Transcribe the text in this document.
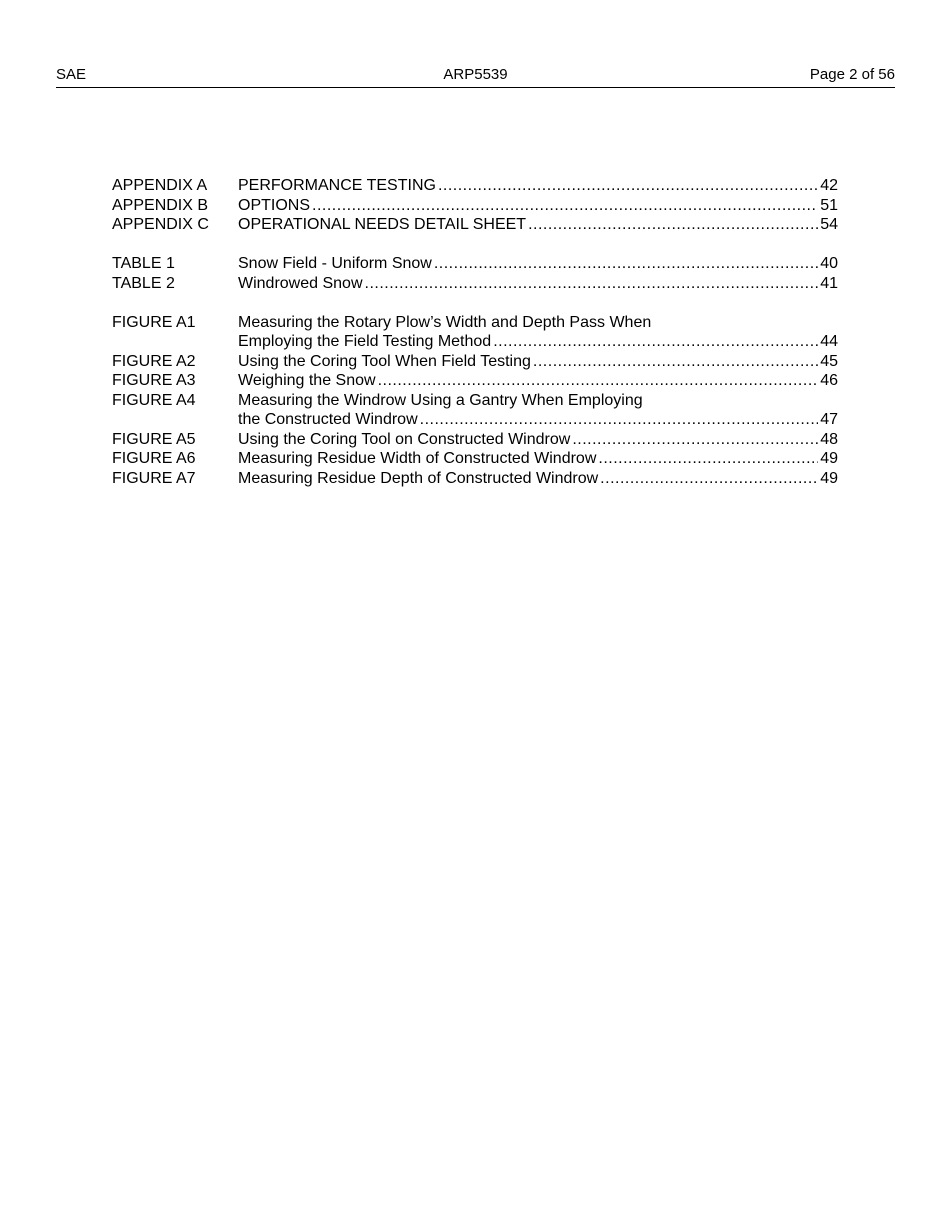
SAE	ARP5539	Page 2 of 56
APPENDIX A	PERFORMANCE TESTING .....	42
APPENDIX B	OPTIONS .....	51
APPENDIX C	OPERATIONAL NEEDS DETAIL SHEET .....	54
TABLE 1	Snow Field - Uniform Snow .....	40
TABLE 2	Windrowed Snow .....	41
FIGURE A1	Measuring the Rotary Plow’s Width and Depth Pass When
Employing the Field Testing Method .....	44
FIGURE A2	Using the Coring Tool When Field Testing .....	45
FIGURE A3	Weighing the Snow .....	46
FIGURE A4	Measuring the Windrow Using a Gantry When Employing
the Constructed Windrow .....	47
FIGURE A5	Using the Coring Tool on Constructed Windrow .....	48
FIGURE A6	Measuring Residue Width of Constructed Windrow .....	49
FIGURE A7	Measuring Residue Depth of Constructed Windrow .....	49
